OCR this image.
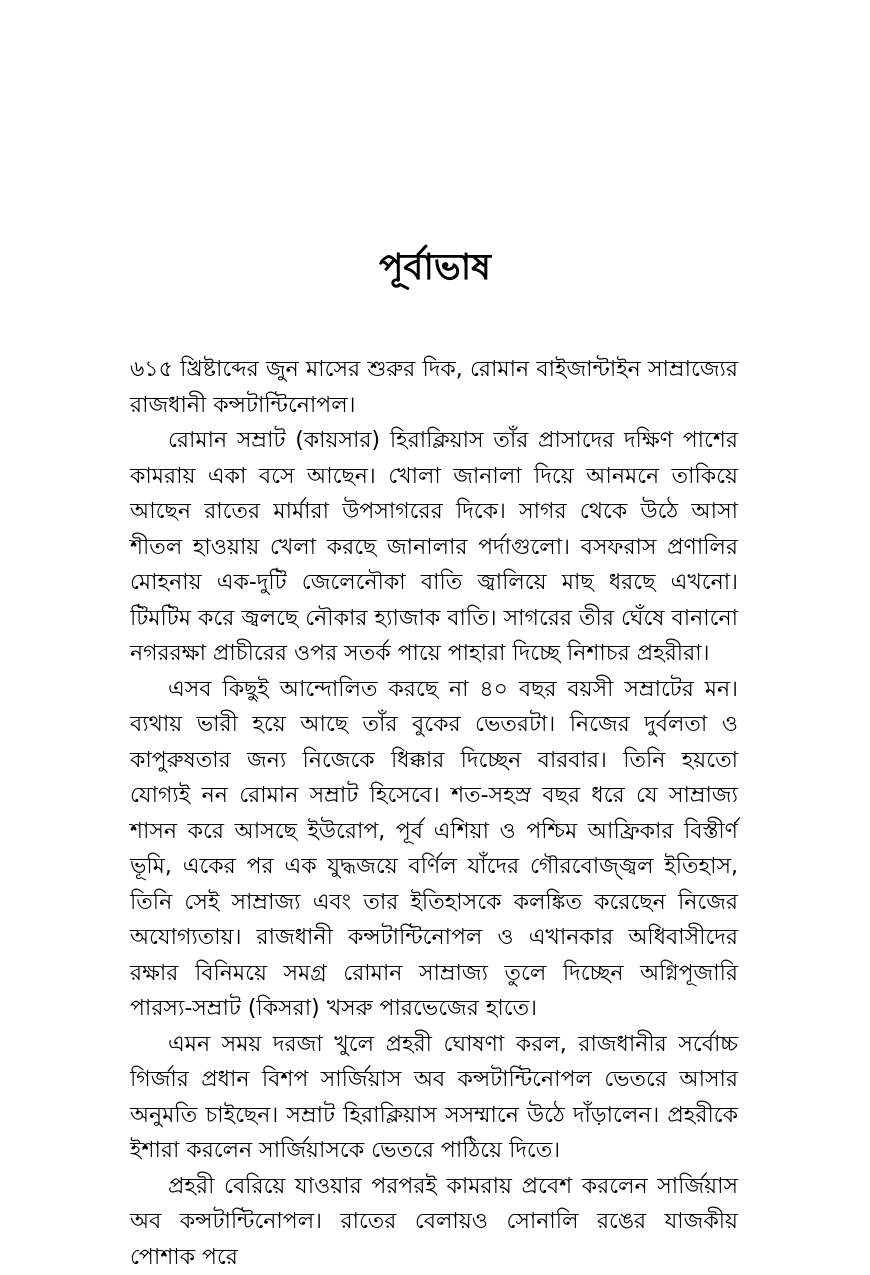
পূর্বাভাষ

৬১৫ খ্রিষ্টাব্দের জুন মাসের শুরুর দিক, রোমান বাইজান্টাইন সাম্রাজ্যের রাজধানী কন্সটান্টিনোপল।

রোমান সম্রাট (কায়সার) হিরাক্লিয়াস তাঁর প্রাসাদের দক্ষিণ পাশের কামরায় একা বসে আছেন। খোলা জানালা দিয়ে আনমনে তাকিয়ে আছেন রাতের মার্মারা উপসাগরের দিকে। সাগর থেকে উঠে আসা শীতল হাওয়ায় খেলা করছে জানালার পর্দাগুলো। বসফরাস প্রণালির মোহনায় এক-দুটি জেলেনৌকা বাতি জ্বালিয়ে মাছ ধরছে এখনো। টিমটিম করে জ্বলছে নৌকার হ্যাজাক বাতি। সাগরের তীর ঘেঁষে বানানো নগররক্ষা প্রাচীরের ওপর সতর্ক পায়ে পাহারা দিচ্ছে নিশাচর প্রহরীরা।

এসব কিছুই আন্দোলিত করছে না ৪০ বছর বয়সী সম্রাটের মন। ব্যথায় ভারী হয়ে আছে তাঁর বুকের ভেতরটা। নিজের দুর্বলতা ও কাপুরুষতার জন্য নিজেকে ধিক্কার দিচ্ছেন বারবার। তিনি হয়তো যোগ্যই নন রোমান সম্রাট হিসেবে। শত-সহস্র বছর ধরে যে সাম্রাজ্য শাসন করে আসছে ইউরোপ, পূর্ব এশিয়া ও পশ্চিম আফ্রিকার বিস্তীর্ণ ভূমি, একের পর এক যুদ্ধজয়ে বর্ণিল যাঁদের গৌরবোজ্জ্বল ইতিহাস, তিনি সেই সাম্রাজ্য এবং তার ইতিহাসকে কলঙ্কিত করেছেন নিজের অযোগ্যতায়। রাজধানী কন্সটান্টিনোপল ও এখানকার অধিবাসীদের রক্ষার বিনিময়ে সমগ্র রোমান সাম্রাজ্য তুলে দিচ্ছেন অগ্নিপূজারি পারস্য-সম্রাট (কিসরা) খসরু পারভেজের হাতে।

এমন সময় দরজা খুলে প্রহরী ঘোষণা করল, রাজধানীর সর্বোচ্চ গির্জার প্রধান বিশপ সার্জিয়াস অব কন্সটান্টিনোপল ভেতরে আসার অনুমতি চাইছেন। সম্রাট হিরাক্লিয়াস সসম্মানে উঠে দাঁড়ালেন। প্রহরীকে ইশারা করলেন সার্জিয়াসকে ভেতরে পাঠিয়ে দিতে।

প্রহরী বেরিয়ে যাওয়ার পরপরই কামরায় প্রবেশ করলেন সার্জিয়াস অব কন্সটান্টিনোপল। রাতের বেলায়ও সোনালি রঙের যাজকীয় পোশাক পরে
